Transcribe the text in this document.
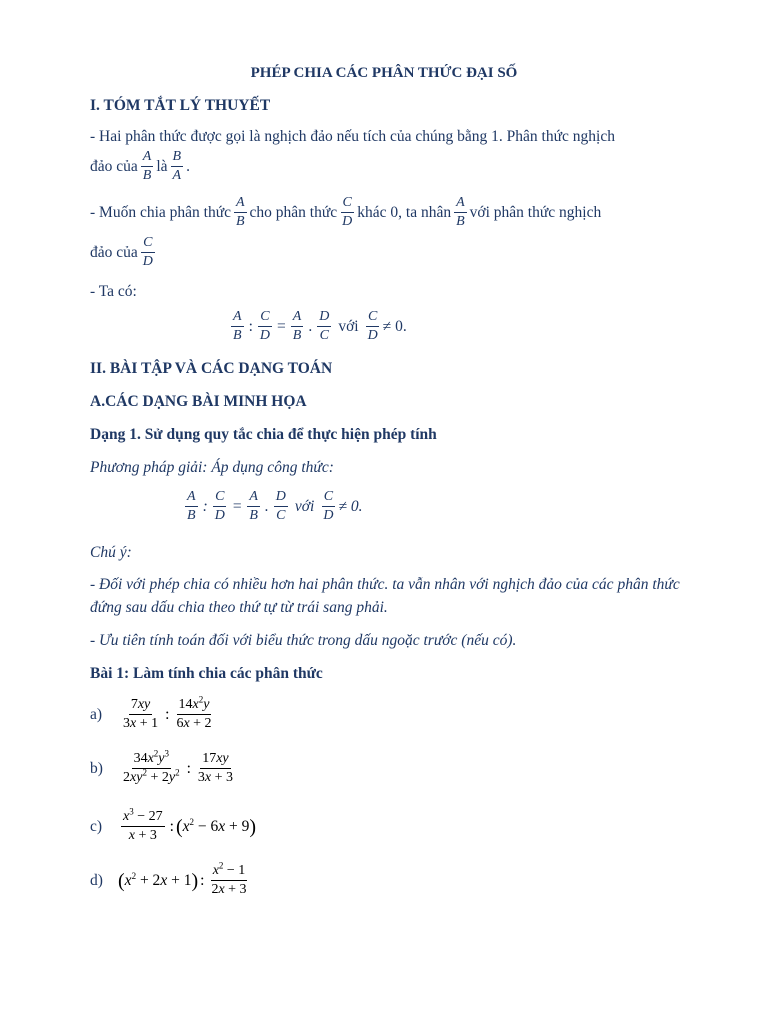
PHÉP CHIA CÁC PHÂN THỨC ĐẠI SỐ
I. TÓM TẮT LÝ THUYẾT
- Hai phân thức được gọi là nghịch đảo nếu tích của chúng bằng 1. Phân thức nghịch
đảo của $\frac{A}{B}$ là $\frac{B}{A}$ .
- Muốn chia phân thức $\frac{A}{B}$ cho phân thức $\frac{C}{D}$ khác 0, ta nhân $\frac{A}{B}$ với phân thức nghịch
đảo của $\frac{C}{D}$
- Ta có:
$\frac{A}{B}$ : $\frac{C}{D} = \frac{A}{B}$ . $\frac{D}{C}$ với $\frac{C}{D} \ne 0$.
II. BÀI TẬP VÀ CÁC DẠNG TOÁN
A.CÁC DẠNG BÀI MINH HỌA
Dạng 1. Sử dụng quy tắc chia để thực hiện phép tính
Phương pháp giải: Áp dụng công thức:
$\frac{A}{B}$ : $\frac{C}{D} = \frac{A}{B}$ . $\frac{D}{C}$ với $\frac{C}{D} \ne 0$.
Chú ý:
- Đối với phép chia có nhiều hơn hai phân thức. ta vẫn nhân với nghịch đảo của các phân thức
đứng sau dấu chia theo thứ tự từ trái sang phải.
- Ưu tiên tính toán đối với biểu thức trong dấu ngoặc trước (nếu có).
Bài 1: Làm tính chia các phân thức
a)	$\frac{7xy}{3x + 1}$ : $\frac{14x^2y}{6x + 2}$
b)	$\frac{34x^2y^3}{2xy^2 + 2y^2}$ : $\frac{17xy}{3x + 3}$
c)	$\frac{x^3 - 27}{x + 3}$ : ( $x^2 - 6x + 9$ )
d) ( $x^2 + 2x + 1$ ) : $\frac{x^2 - 1}{2x + 3}$
